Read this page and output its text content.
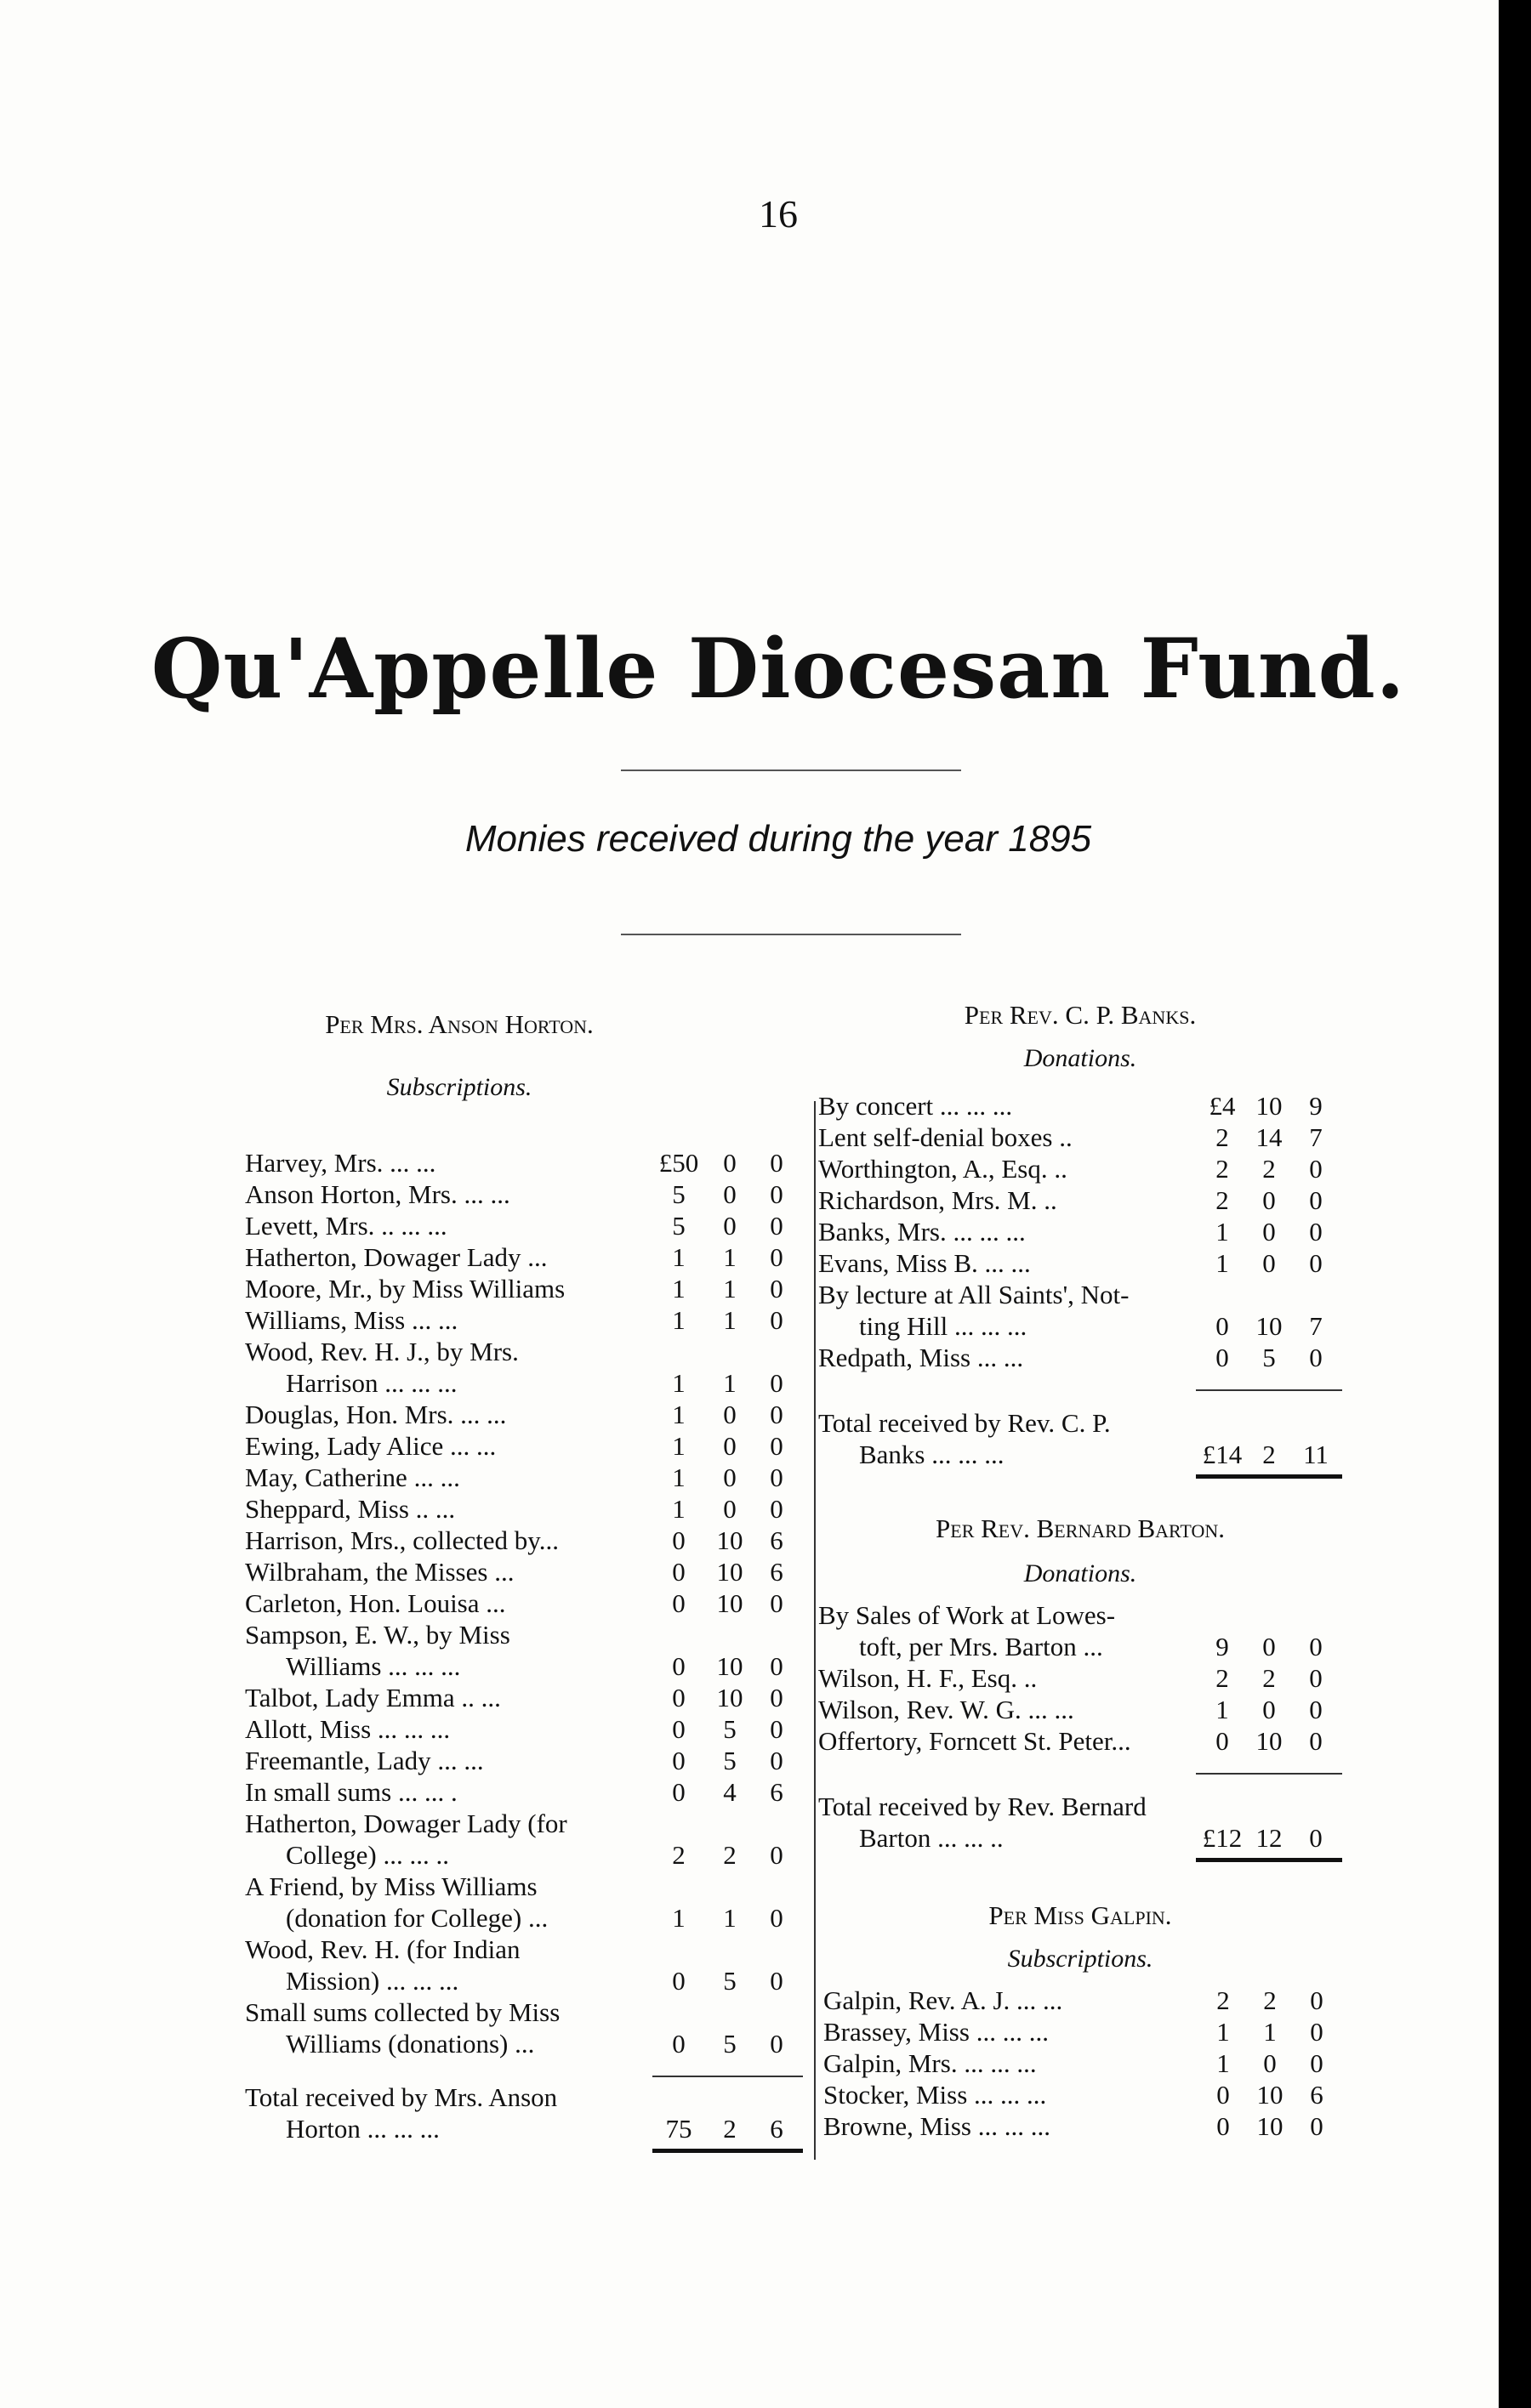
16
Qu'Appelle Diocesan Fund.
Monies received during the year 1895
Per Mrs. Anson Horton.
Subscriptions.
Harvey, Mrs. ... ...	£50 0	0
Anson Horton, Mrs. ... ...	5	0	0
Levett, Mrs. .. ... ...	5	0	0
Hatherton, Dowager Lady ...	1	1	0
Moore, Mr., by Miss Williams	1	1	0
Williams, Miss ... ...	1	1	0
Wood, Rev. H. J., by Mrs.
Harrison ... ... ...	1	1	0
Douglas, Hon. Mrs. ... ...	1	0	0
Ewing, Lady Alice ... ...	1	0	0
May, Catherine ... ...	1	0	0
Sheppard, Miss .. ...	1	0	0
Harrison, Mrs., collected by...	0	10	6
Wilbraham, the Misses ...	0	10	6
Carleton, Hon. Louisa ...	0	10	0
Sampson, E. W., by Miss
Williams ... ... ...	0	10	0
Talbot, Lady Emma .. ...	0	10	0
Allott, Miss ... ... ...	0	5	0
Freemantle, Lady ... ...	0	5	0
In small sums ... ... .	0	4	6
Hatherton, Dowager Lady (for
College) ... ... ..	2	2	0
A Friend, by Miss Williams
(donation for College) ...	1	1	0
Wood, Rev. H. (for Indian
Mission) ... ... ...	0	5	0
Small sums collected by Miss
Williams (donations) ...	0	5	0
Total received by Mrs. Anson
Horton ... ... ...	75	2	6
Per Rev. C. P. Banks.
Donations.
By concert ... ... ...	£4 10	9
Lent self-denial boxes ..	2	14	7
Worthington, A., Esq. ..	2	2	0
Richardson, Mrs. M. ..	2	0	0
Banks, Mrs. ... ... ...	1	0	0
Evans, Miss B. ... ...	1	0	0
By lecture at All Saints', Not-
ting Hill ... ... ...	0	10	7
Redpath, Miss ... ...	0	5	0
Total received by Rev. C. P.
Banks ... ... ...	£14 2	11
Per Rev. Bernard Barton.
Donations.
By Sales of Work at Lowes-
toft, per Mrs. Barton ...	9	0	0
Wilson, H. F., Esq. ..	2	2	0
Wilson, Rev. W. G. ... ...	1	0	0
Offertory, Forncett St. Peter...	0	10	0
Total received by Rev. Bernard
Barton ... ... ..	£12 12	0
Per Miss Galpin.
Subscriptions.
Galpin, Rev. A. J. ... ...	2	2	0
Brassey, Miss ... ... ...	1	1	0
Galpin, Mrs. ... ... ...	1	0	0
Stocker, Miss ... ... ...	0	10	6
Browne, Miss ... ... ...	0	10	0
